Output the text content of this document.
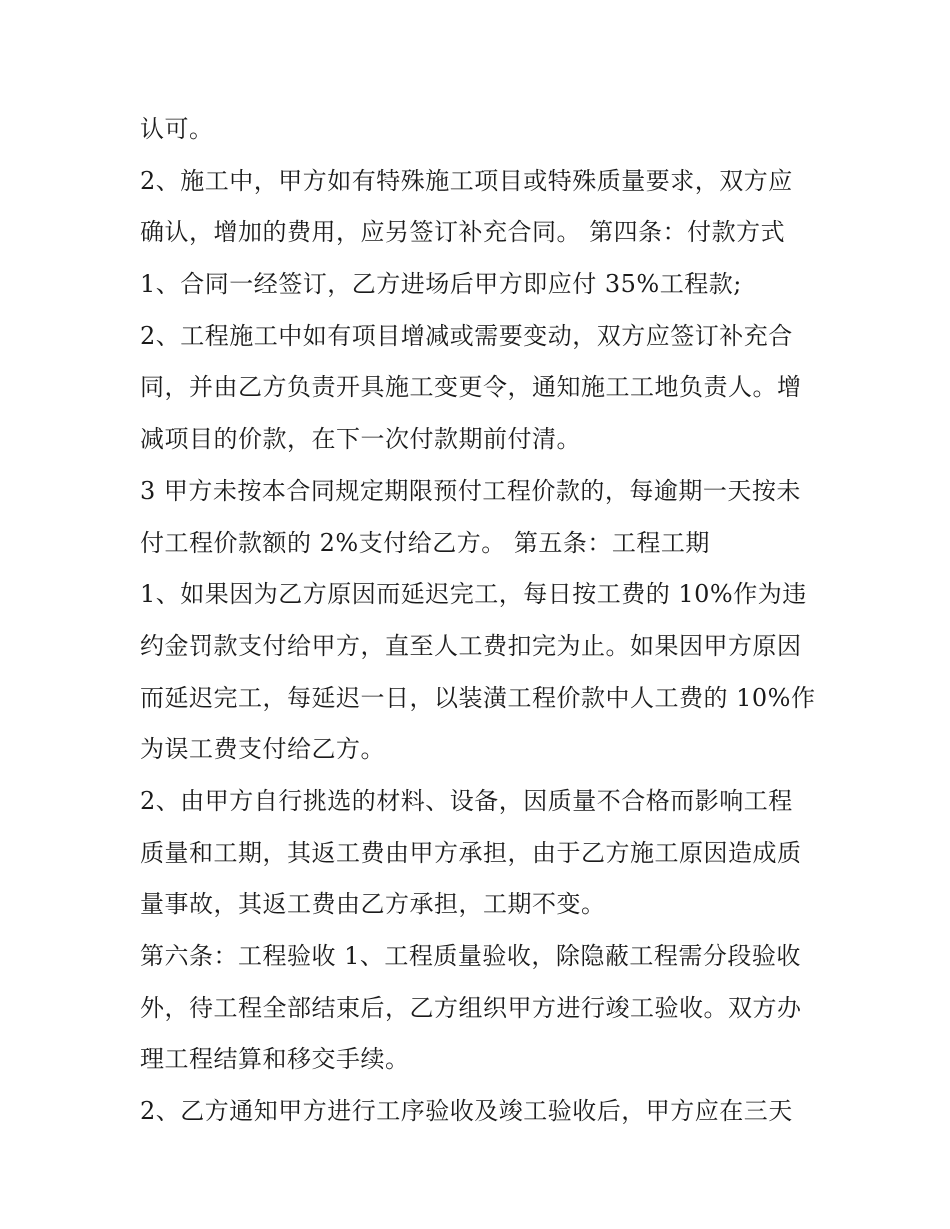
认可。

2、施工中，甲方如有特殊施工项目或特殊质量要求，双方应
确认，增加的费用，应另签订补充合同。 第四条：付款方式

1、合同一经签订，乙方进场后甲方即应付 35%工程款;

2、工程施工中如有项目增减或需要变动，双方应签订补充合
同，并由乙方负责开具施工变更令，通知施工工地负责人。增
减项目的价款，在下一次付款期前付清。

3 甲方未按本合同规定期限预付工程价款的，每逾期一天按未
付工程价款额的 2%支付给乙方。 第五条：工程工期

1、如果因为乙方原因而延迟完工，每日按工费的 10%作为违
约金罚款支付给甲方，直至人工费扣完为止。如果因甲方原因
而延迟完工，每延迟一日，以装潢工程价款中人工费的 10%作
为误工费支付给乙方。

2、由甲方自行挑选的材料、设备，因质量不合格而影响工程
质量和工期，其返工费由甲方承担，由于乙方施工原因造成质
量事故，其返工费由乙方承担，工期不变。

第六条：工程验收 1、工程质量验收，除隐蔽工程需分段验收
外，待工程全部结束后，乙方组织甲方进行竣工验收。双方办
理工程结算和移交手续。

2、乙方通知甲方进行工序验收及竣工验收后，甲方应在三天
